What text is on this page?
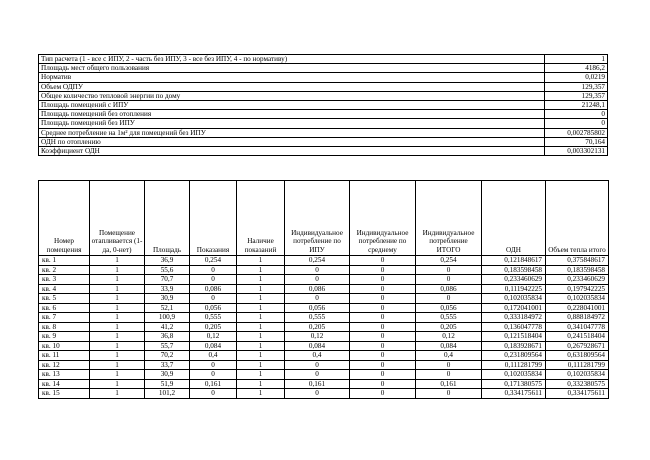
Тип расчета (1 - все с ИПУ, 2 - часть без ИПУ, 3 - все без ИПУ, 4 - по нормативу)	1
Площадь мест общего пользования	4186,2
Норматив	0,0219
Объем ОДПУ	129,357
Общее количество тепловой энергии по дому	129,357
Площадь помещений с ИПУ	21248,1
Площадь помещений без отопления	0
Площадь помещений без ИПУ	0
Среднее потребление на 1м² для помещений без ИПУ	0,002785802
ОДН по отоплению	70,164
Коэффициент ОДН	0,003302131
Номер помещения	Помещение отапливается (1-да, 0-нет)	Площадь	Показания	Наличие показаний	Индивидуальное потребление по ИПУ	Индивидуальное потребление по среднему	Индивидуальное потребление ИТОГО	ОДН	Объем тепла итого
кв. 1	1	36,9	0,254	1	0,254	0	0,254	0,121848617	0,375848617
кв. 2	1	55,6	0	1	0	0	0	0,183598458	0,183598458
кв. 3	1	70,7	0	1	0	0	0	0,233460629	0,233460629
кв. 4	1	33,9	0,086	1	0,086	0	0,086	0,111942225	0,197942225
кв. 5	1	30,9	0	1	0	0	0	0,102035834	0,102035834
кв. 6	1	52,1	0,056	1	0,056	0	0,056	0,172041001	0,228041001
кв. 7	1	100,9	0,555	1	0,555	0	0,555	0,333184972	0,888184972
кв. 8	1	41,2	0,205	1	0,205	0	0,205	0,136047778	0,341047778
кв. 9	1	36,8	0,12	1	0,12	0	0,12	0,121518404	0,241518404
кв. 10	1	55,7	0,084	1	0,084	0	0,084	0,183928671	0,267928671
кв. 11	1	70,2	0,4	1	0,4	0	0,4	0,231809564	0,631809564
кв. 12	1	33,7	0	1	0	0	0	0,111281799	0,111281799
кв. 13	1	30,9	0	1	0	0	0	0,102035834	0,102035834
кв. 14	1	51,9	0,161	1	0,161	0	0,161	0,171380575	0,332380575
кв. 15	1	101,2	0	1	0	0	0	0,334175611	0,334175611
